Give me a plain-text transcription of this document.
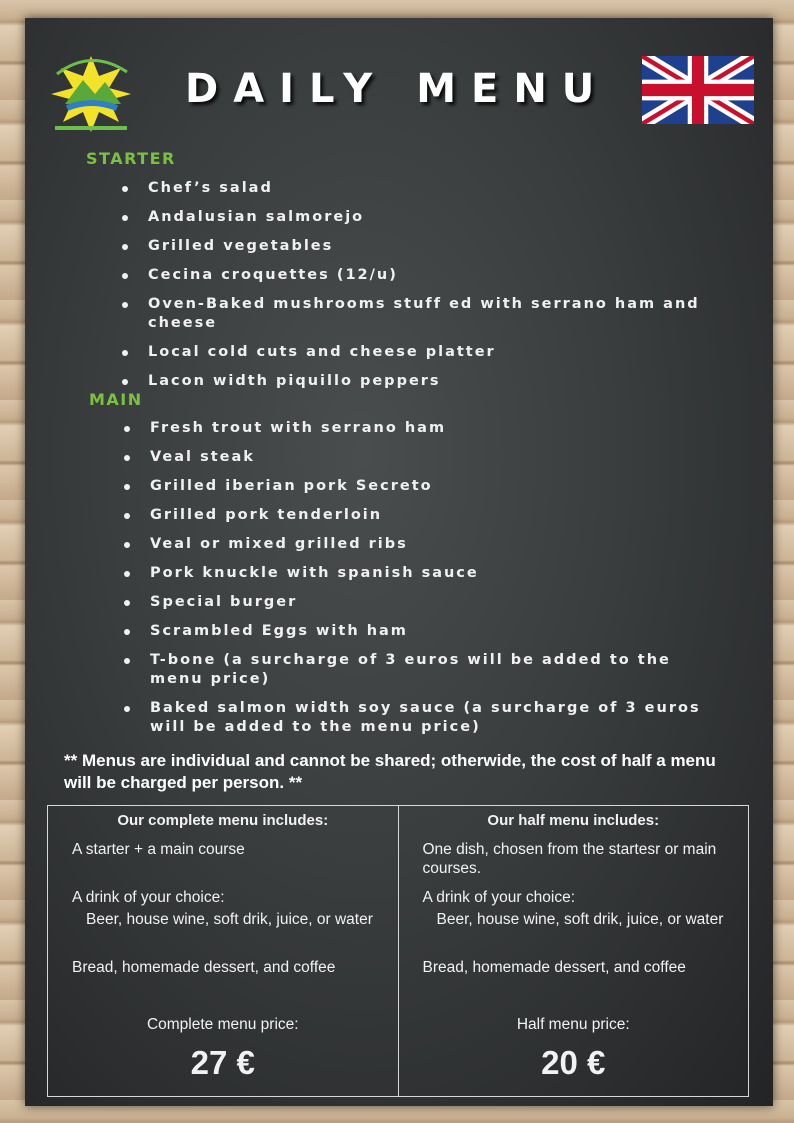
DAILY MENU
STARTER
Chef’s salad
Andalusian salmorejo
Grilled vegetables
Cecina croquettes (12/u)
Oven-Baked mushrooms stuff ed with serrano ham and cheese
Local cold cuts and cheese platter
Lacon width piquillo peppers
MAIN
Fresh trout with serrano ham
Veal steak
Grilled iberian pork Secreto
Grilled pork tenderloin
Veal or mixed grilled ribs
Pork knuckle with spanish sauce
Special burger
Scrambled Eggs with ham
T-bone (a surcharge of 3 euros will be added to the menu price)
Baked salmon width soy sauce (a surcharge of 3 euros will be added to the menu price)
** Menus are individual and cannot be shared; otherwide, the cost of half a menu will be charged per person. **
Our complete menu includes:
A starter + a main course
A drink of your choice:
Beer, house wine, soft drik, juice, or water
Bread, homemade dessert, and coffee
Complete menu price:
27 €
Our half menu includes:
One dish, chosen from the startesr or main courses.
A drink of your choice:
Beer, house wine, soft drik, juice, or water
Bread, homemade dessert, and coffee
Half menu price:
20 €
